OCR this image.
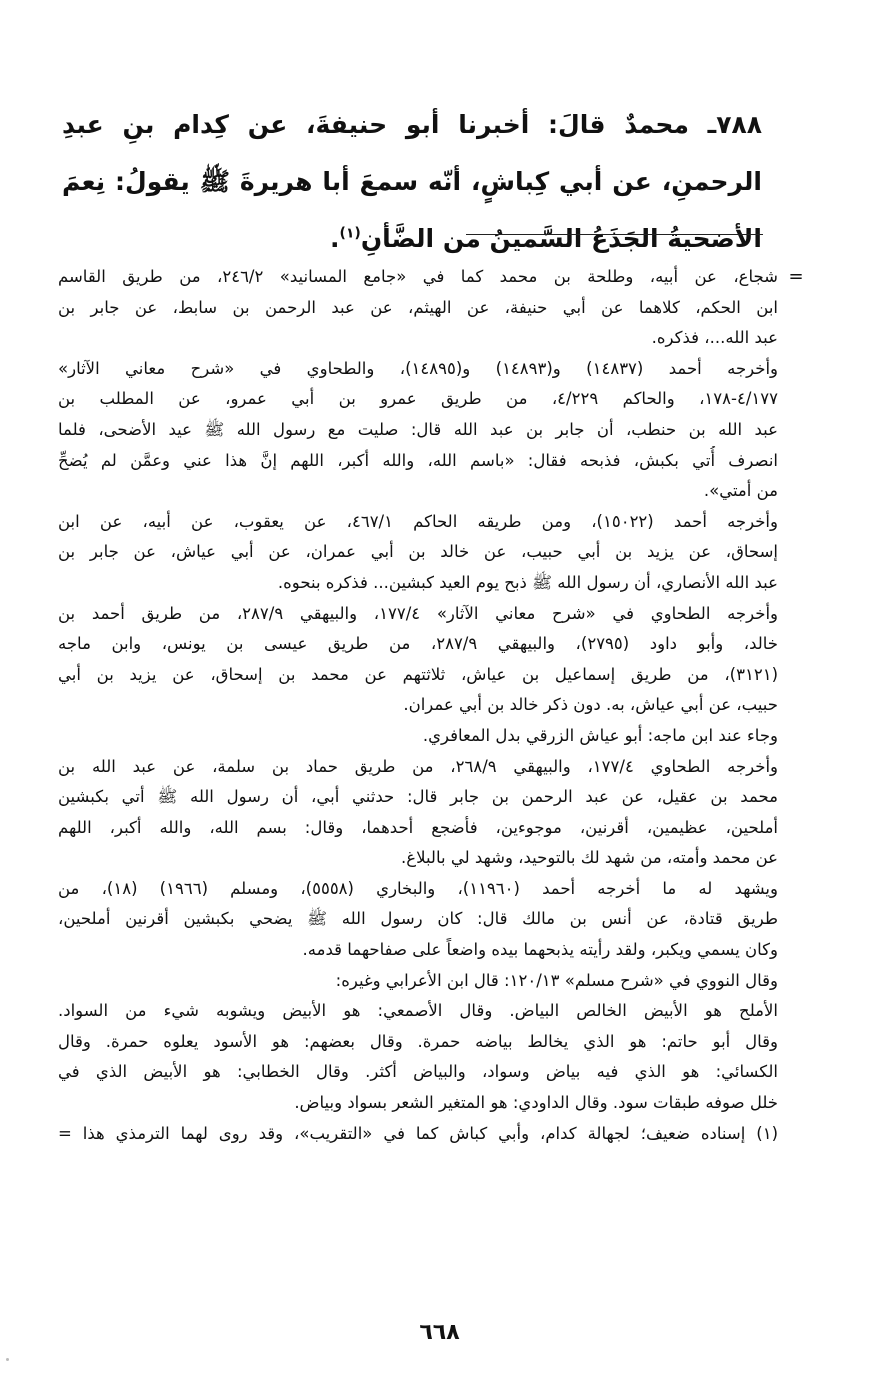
٧٨٨ـ محمدٌ قالَ: أخبرنا أبو حنيفةَ، عن كِدام بنِ عبدِ الرحمنِ، عن أبي كِباشٍ، أنّه سمعَ أبا هريرةَ ﷺ يقولُ: نِعمَ الأضحيةُ الجَذَعُ السَّمينُ من الضَّأنِ$^{(١)}$.
=
شجاع، عن أبيه، وطلحة بن محمد كما في «جامع المسانيد» ٢٤٦/٢، من طريق القاسم
ابن الحكم، كلاهما عن أبي حنيفة، عن الهيثم، عن عبد الرحمن بن سابط، عن جابر بن
عبد الله...، فذكره.
وأخرجه أحمد (١٤٨٣٧) و(١٤٨٩٣) و(١٤٨٩٥)، والطحاوي في «شرح معاني الآثار»
٤/١٧٧-١٧٨، والحاكم ٤/٢٢٩، من طريق عمرو بن أبي عمرو، عن المطلب بن
عبد الله بن حنطب، أن جابر بن عبد الله قال: صليت مع رسول الله ﷺ عيد الأضحى، فلما
انصرف أُتي بكبش، فذبحه فقال: «باسم الله، والله أكبر، اللهم إنَّ هذا عني وعمَّن لم يُضحِّ
من أمتي».
وأخرجه أحمد (١٥٠٢٢)، ومن طريقه الحاكم ٤٦٧/١، عن يعقوب، عن أبيه، عن ابن
إسحاق، عن يزيد بن أبي حبيب، عن خالد بن أبي عمران، عن أبي عياش، عن جابر بن
عبد الله الأنصاري، أن رسول الله ﷺ ذبح يوم العيد كبشين... فذكره بنحوه.
وأخرجه الطحاوي في «شرح معاني الآثار» ١٧٧/٤، والبيهقي ٢٨٧/٩، من طريق أحمد بن
خالد، وأبو داود (٢٧٩٥)، والبيهقي ٢٨٧/٩، من طريق عيسى بن يونس، وابن ماجه
(٣١٢١)، من طريق إسماعيل بن عياش، ثلاثتهم عن محمد بن إسحاق، عن يزيد بن أبي
حبيب، عن أبي عياش، به. دون ذكر خالد بن أبي عمران.
وجاء عند ابن ماجه: أبو عياش الزرقي بدل المعافري.
وأخرجه الطحاوي ١٧٧/٤، والبيهقي ٢٦٨/٩، من طريق حماد بن سلمة، عن عبد الله بن
محمد بن عقيل، عن عبد الرحمن بن جابر قال: حدثني أبي، أن رسول الله ﷺ أتي بكبشين
أملحين، عظيمين، أقرنين، موجوءين، فأضجع أحدهما، وقال: بسم الله، والله أكبر، اللهم
عن محمد وأمته، من شهد لك بالتوحيد، وشهد لي بالبلاغ.
ويشهد له ما أخرجه أحمد (١١٩٦٠)، والبخاري (٥٥٥٨)، ومسلم (١٩٦٦) (١٨)، من
طريق قتادة، عن أنس بن مالك قال: كان رسول الله ﷺ يضحي بكبشين أقرنين أملحين،
وكان يسمي ويكبر، ولقد رأيته يذبحهما بيده واضعاً على صفاحهما قدمه.
وقال النووي في «شرح مسلم» ١٢٠/١٣: قال ابن الأعرابي وغيره:
الأملح هو الأبيض الخالص البياض. وقال الأصمعي: هو الأبيض ويشوبه شيء من السواد.
وقال أبو حاتم: هو الذي يخالط بياضه حمرة. وقال بعضهم: هو الأسود يعلوه حمرة. وقال
الكسائي: هو الذي فيه بياض وسواد، والبياض أكثر. وقال الخطابي: هو الأبيض الذي في
خلل صوفه طبقات سود. وقال الداودي: هو المتغير الشعر بسواد وبياض.
(١) إسناده ضعيف؛ لجهالة كدام، وأبي كباش كما في «التقريب»، وقد روى لهما الترمذي هذا =
٦٦٨
